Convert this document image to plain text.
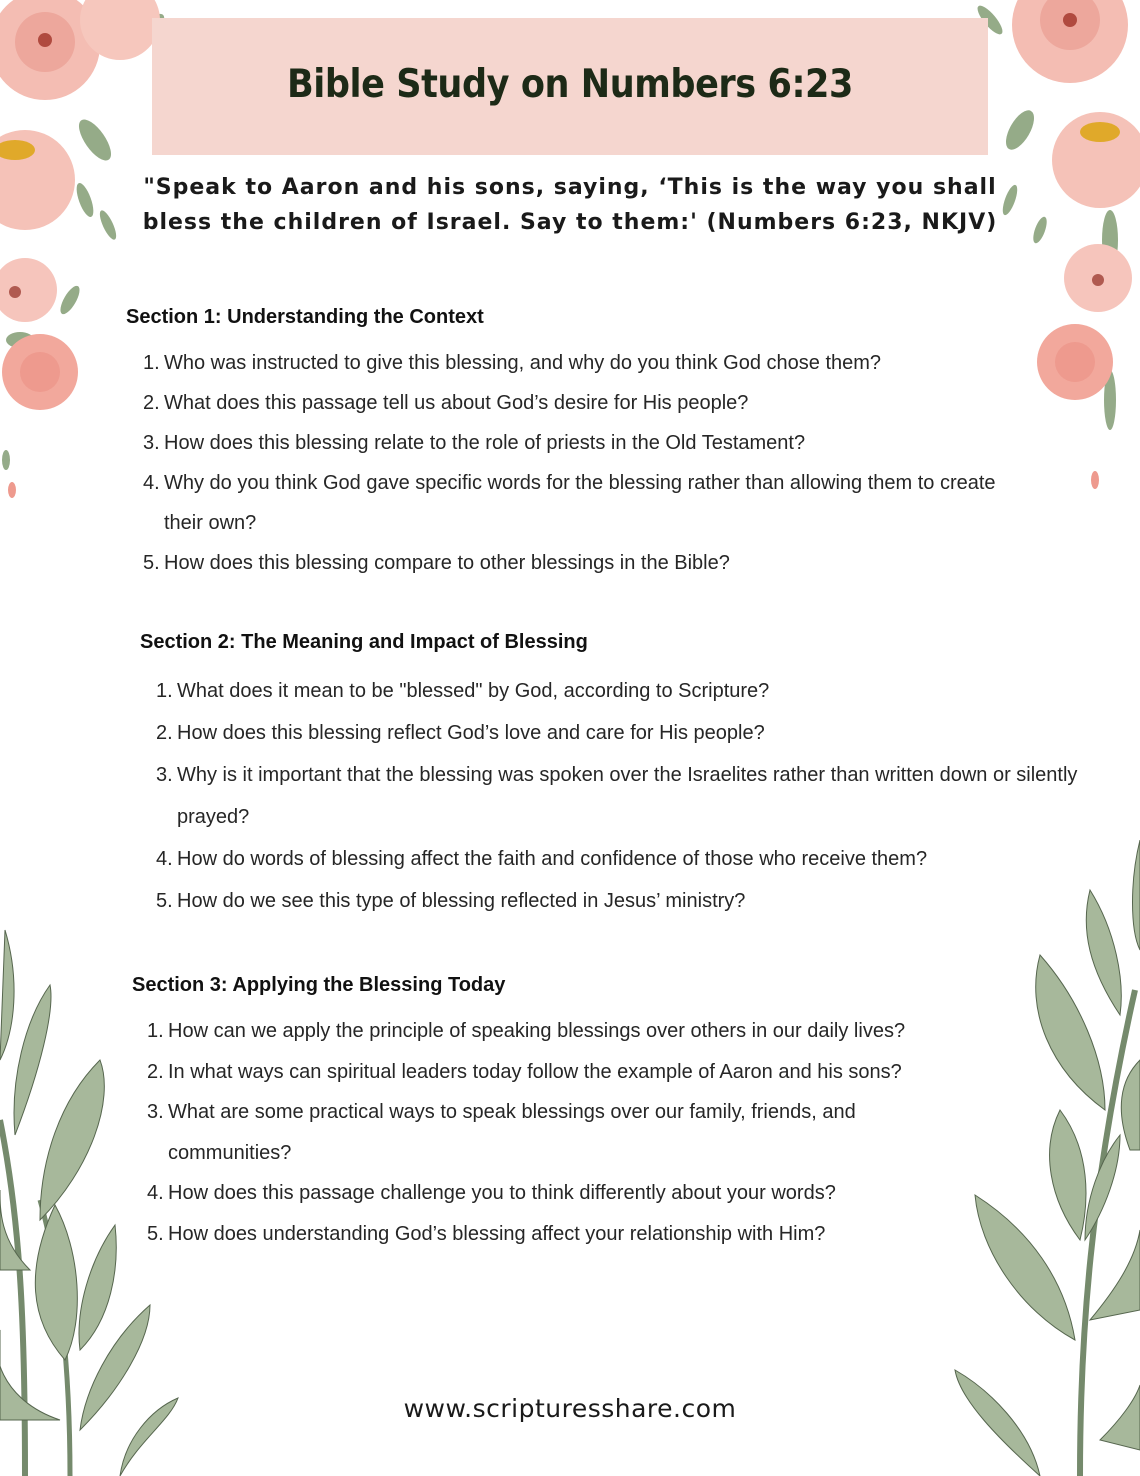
Bible Study on Numbers 6:23
"Speak to Aaron and his sons, saying, ‘This is the way you shall bless the children of Israel. Say to them:' (Numbers 6:23, NKJV)
Section 1: Understanding the Context
1. Who was instructed to give this blessing, and why do you think God chose them?
2. What does this passage tell us about God’s desire for His people?
3. How does this blessing relate to the role of priests in the Old Testament?
4. Why do you think God gave specific words for the blessing rather than allowing them to create their own?
5. How does this blessing compare to other blessings in the Bible?
Section 2: The Meaning and Impact of Blessing
1. What does it mean to be "blessed" by God, according to Scripture?
2. How does this blessing reflect God’s love and care for His people?
3. Why is it important that the blessing was spoken over the Israelites rather than written down or silently prayed?
4. How do words of blessing affect the faith and confidence of those who receive them?
5. How do we see this type of blessing reflected in Jesus’ ministry?
Section 3: Applying the Blessing Today
1. How can we apply the principle of speaking blessings over others in our daily lives?
2. In what ways can spiritual leaders today follow the example of Aaron and his sons?
3. What are some practical ways to speak blessings over our family, friends, and communities?
4. How does this passage challenge you to think differently about your words?
5. How does understanding God’s blessing affect your relationship with Him?
www.scripturesshare.com
